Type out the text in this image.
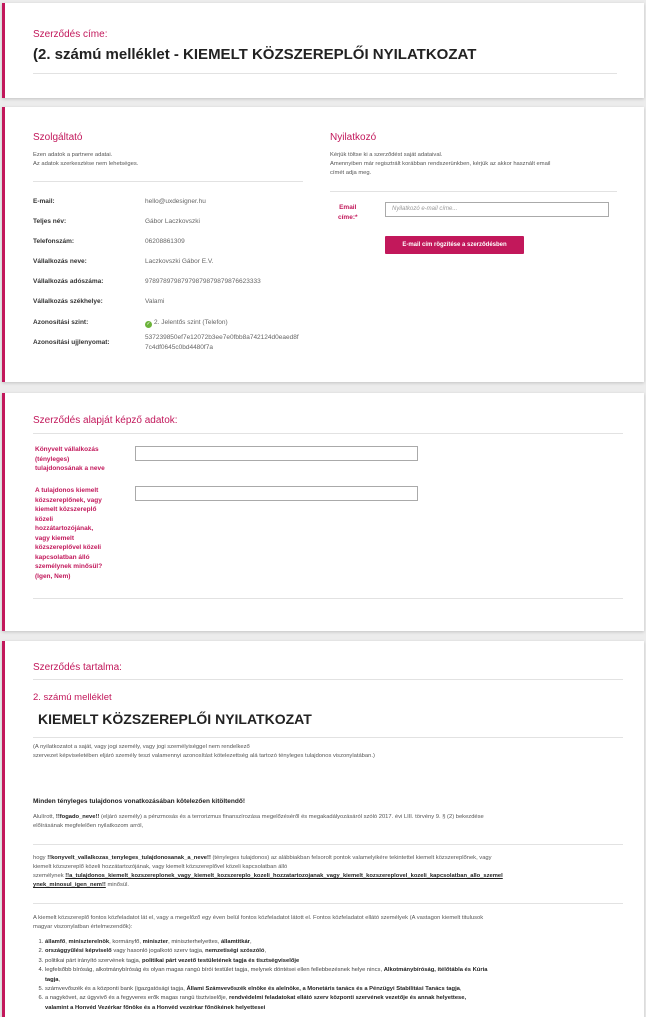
Szerződés címe:
(2. számú melléklet - KIEMELT KÖZSZEREPLŐI NYILATKOZAT
Szolgáltató
Ezen adatok a partnere adatai.
Az adatok szerkesztése nem lehetséges.
E-mail:	hello@uxdesigner.hu
Teljes név:	Gábor Laczkovszki
Telefonszám:	06208861309
Vállalkozás neve:	Laczkovszki Gábor E.V.
Vállalkozás adószáma:	97897897987979879879879876623333
Vállalkozás székhelye:	Valami
Azonosítási szint:	✓ 2. Jelentős szint (Telefon)
Azonosítási ujjlenyomat:
537239850ef7e12072b3ee7e0fbb8a742124d0eaed8f
7c4df0645c0bd4480f7a
Nyilatkozó
Kérjük töltse ki a szerződést saját adataival.
Amennyiben már regisztrált korábban rendszerünkben, kérjük az akkor használt email
címét adja meg.
Email
címe:*
Nyilatkozó e-mail címe...
E-mail cím rögzítése a szerződésben
Szerződés alapját képző adatok:
Könyvelt vállalkozás
(tényleges)
tulajdonosának a neve
A tulajdonos kiemelt
közszereplőnek, vagy
kiemelt közszereplő
közeli
hozzátartozójának,
vagy kiemelt
közszereplővel közeli
kapcsolatban álló
személynek minősül?
(Igen, Nem)
Szerződés tartalma:
2. számú melléklet
KIEMELT KÖZSZEREPLŐI NYILATKOZAT
(A nyilatkozatot a saját, vagy jogi személy, vagy jogi személyiséggel nem rendelkező
szervezet képviseletében eljáró személy teszi valamennyi azonosítást kötelezettség alá tartozó tényleges tulajdonos viszonylatában.)
Minden tényleges tulajdonos vonatkozásában kötelezően kitöltendő!
Alulírott, !!fogado_neve!! (eljáró személy) a pénzmosás és a terrorizmus finanszírozása megelőzéséről és megakadályozásáról szóló 2017. évi LIII. törvény 9. § (2) bekezdése
előírásának megfelelően nyilatkozom arról,
hogy !!konyvelt_vallalkozas_tenyleges_tulajdonosanak_a_neve!! (tényleges tulajdonos) az alábbiakban felsorolt pontok valamelyikére tekintettel kiemelt közszereplőnek, vagy
kiemelt közszereplő közeli hozzátartozójának, vagy kiemelt közszereplővel közeli kapcsolatban álló
személynek !!a_tulajdonos_kiemelt_kozszereplonek_vagy_kiemelt_kozszereplo_kozeli_hozzatartozojanak_vagy_kiemelt_kozszereplovel_kozeli_kapcsolatban_allo_szemel
ynek_minosul_igen_nem!! minősül.
A kiemelt közszereplő fontos közfeladatot lát el, vagy a megelőző egy éven belül fontos közfeladatot látott el. Fontos közfeladatot ellátó személyek (A vastagon kiemelt titulusok
magyar viszonylatban értelmezendők):
1. államfő, miniszterelnök, kormányfő, miniszter, miniszterhelyettes, államtitkár,
2. országgyűlési képviselő vagy hasonló jogalkotó szerv tagja, nemzetiségi szószóló,
3. politikai párt irányító szervének tagja, politikai párt vezető testületének tagja és tisztségviselője
4. legfelsőbb bíróság, alkotmánybíróság és olyan magas rangú bírói testület tagja, melynek döntései ellen fellebbezésnek helye nincs, Alkotmánybíróság, ítélőtábla és Kúria
tagja,
5. számvevőszék és a központi bank (igazgatósági tagja, Állami Számvevőszék elnöke és alelnöke, a Monetáris tanács és a Pénzügyi Stabilitási Tanács tagja,
6. a nagykövet, az ügyvivő és a fegyveres erők magas rangú tisztviselője, rendvédelmi feladatokat ellátó szerv központi szervének vezetője és annak helyettese,
valamint a Honvéd Vezérkar főnöke és a Honvéd vezérkar főnökének helyettesei
